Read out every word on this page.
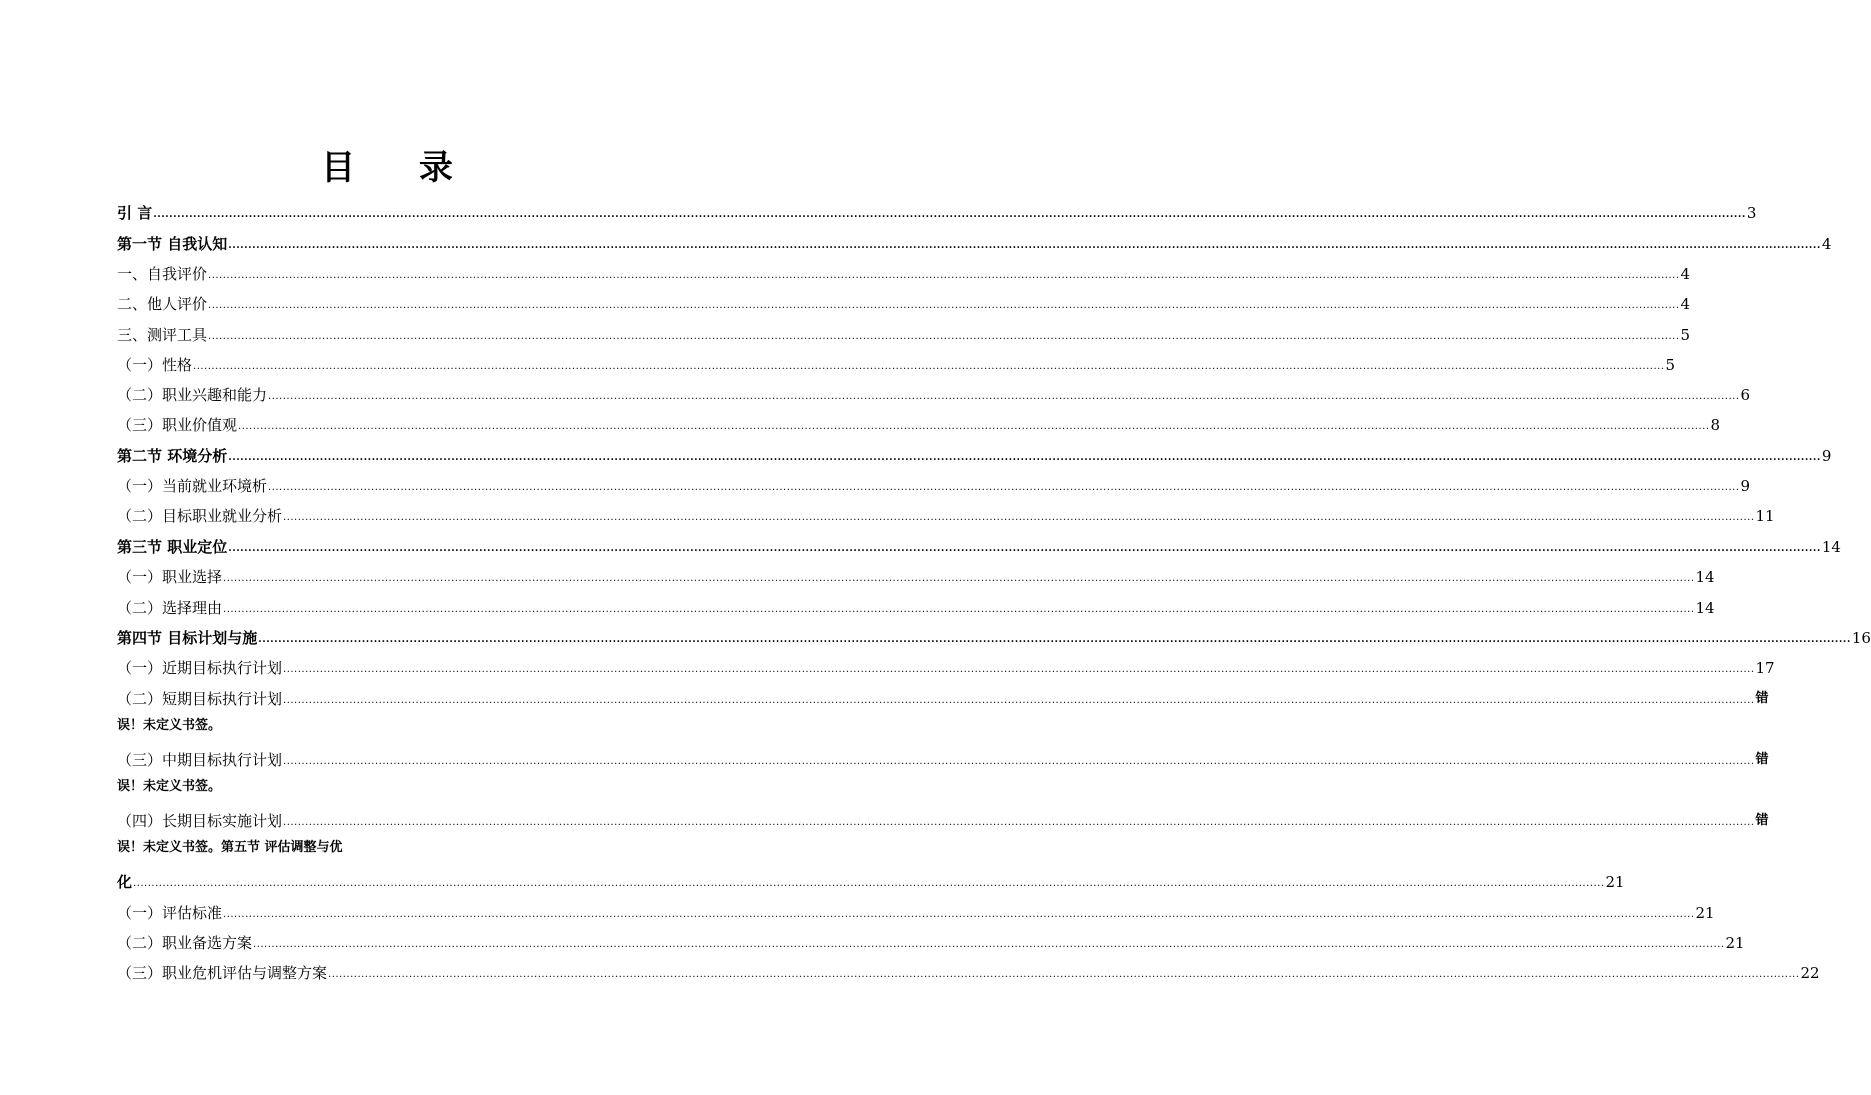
目 录
引 言 ................................................................................................................................................................................................................................................................................................................................................................................................................ 3
第一节 自我认知 ................................................................................................................................................................................................................................................................................................................................................................................................................ 4
一、自我评价 ................................................................................................................................................................................................................................................................................................................................................................................................................ 4
二、他人评价 ................................................................................................................................................................................................................................................................................................................................................................................................................ 4
三、测评工具 ................................................................................................................................................................................................................................................................................................................................................................................................................ 5
（一）性格 ................................................................................................................................................................................................................................................................................................................................................................................................................ 5
（二）职业兴趣和能力 ................................................................................................................................................................................................................................................................................................................................................................................................................ 6
（三）职业价值观 ................................................................................................................................................................................................................................................................................................................................................................................................................ 8
第二节 环境分析 ................................................................................................................................................................................................................................................................................................................................................................................................................ 9
（一）当前就业环境析 ................................................................................................................................................................................................................................................................................................................................................................................................................ 9
（二）目标职业就业分析 ................................................................................................................................................................................................................................................................................................................................................................................................................ 11
第三节 职业定位 ................................................................................................................................................................................................................................................................................................................................................................................................................ 14
（一）职业选择 ................................................................................................................................................................................................................................................................................................................................................................................................................ 14
（二）选择理由 ................................................................................................................................................................................................................................................................................................................................................................................................................ 14
第四节 目标计划与施 ................................................................................................................................................................................................................................................................................................................................................................................................................ 16
（一）近期目标执行计划 ................................................................................................................................................................................................................................................................................................................................................................................................................ 17
（二）短期目标执行计划 ................................................................................................................................................................................................................................................................................................................................................................................................................ 错
误！未定义书签。
（三）中期目标执行计划 ................................................................................................................................................................................................................................................................................................................................................................................................................ 错
误！未定义书签。
（四）长期目标实施计划 ................................................................................................................................................................................................................................................................................................................................................................................................................ 错
误！未定义书签。第五节 评估调整与优
化 ................................................................................................................................................................................................................................................................................................................................................................................................................ 21
（一）评估标准 ................................................................................................................................................................................................................................................................................................................................................................................................................ 21
（二）职业备选方案 ................................................................................................................................................................................................................................................................................................................................................................................................................ 21
（三）职业危机评估与调整方案 ................................................................................................................................................................................................................................................................................................................................................................................................................ 22
